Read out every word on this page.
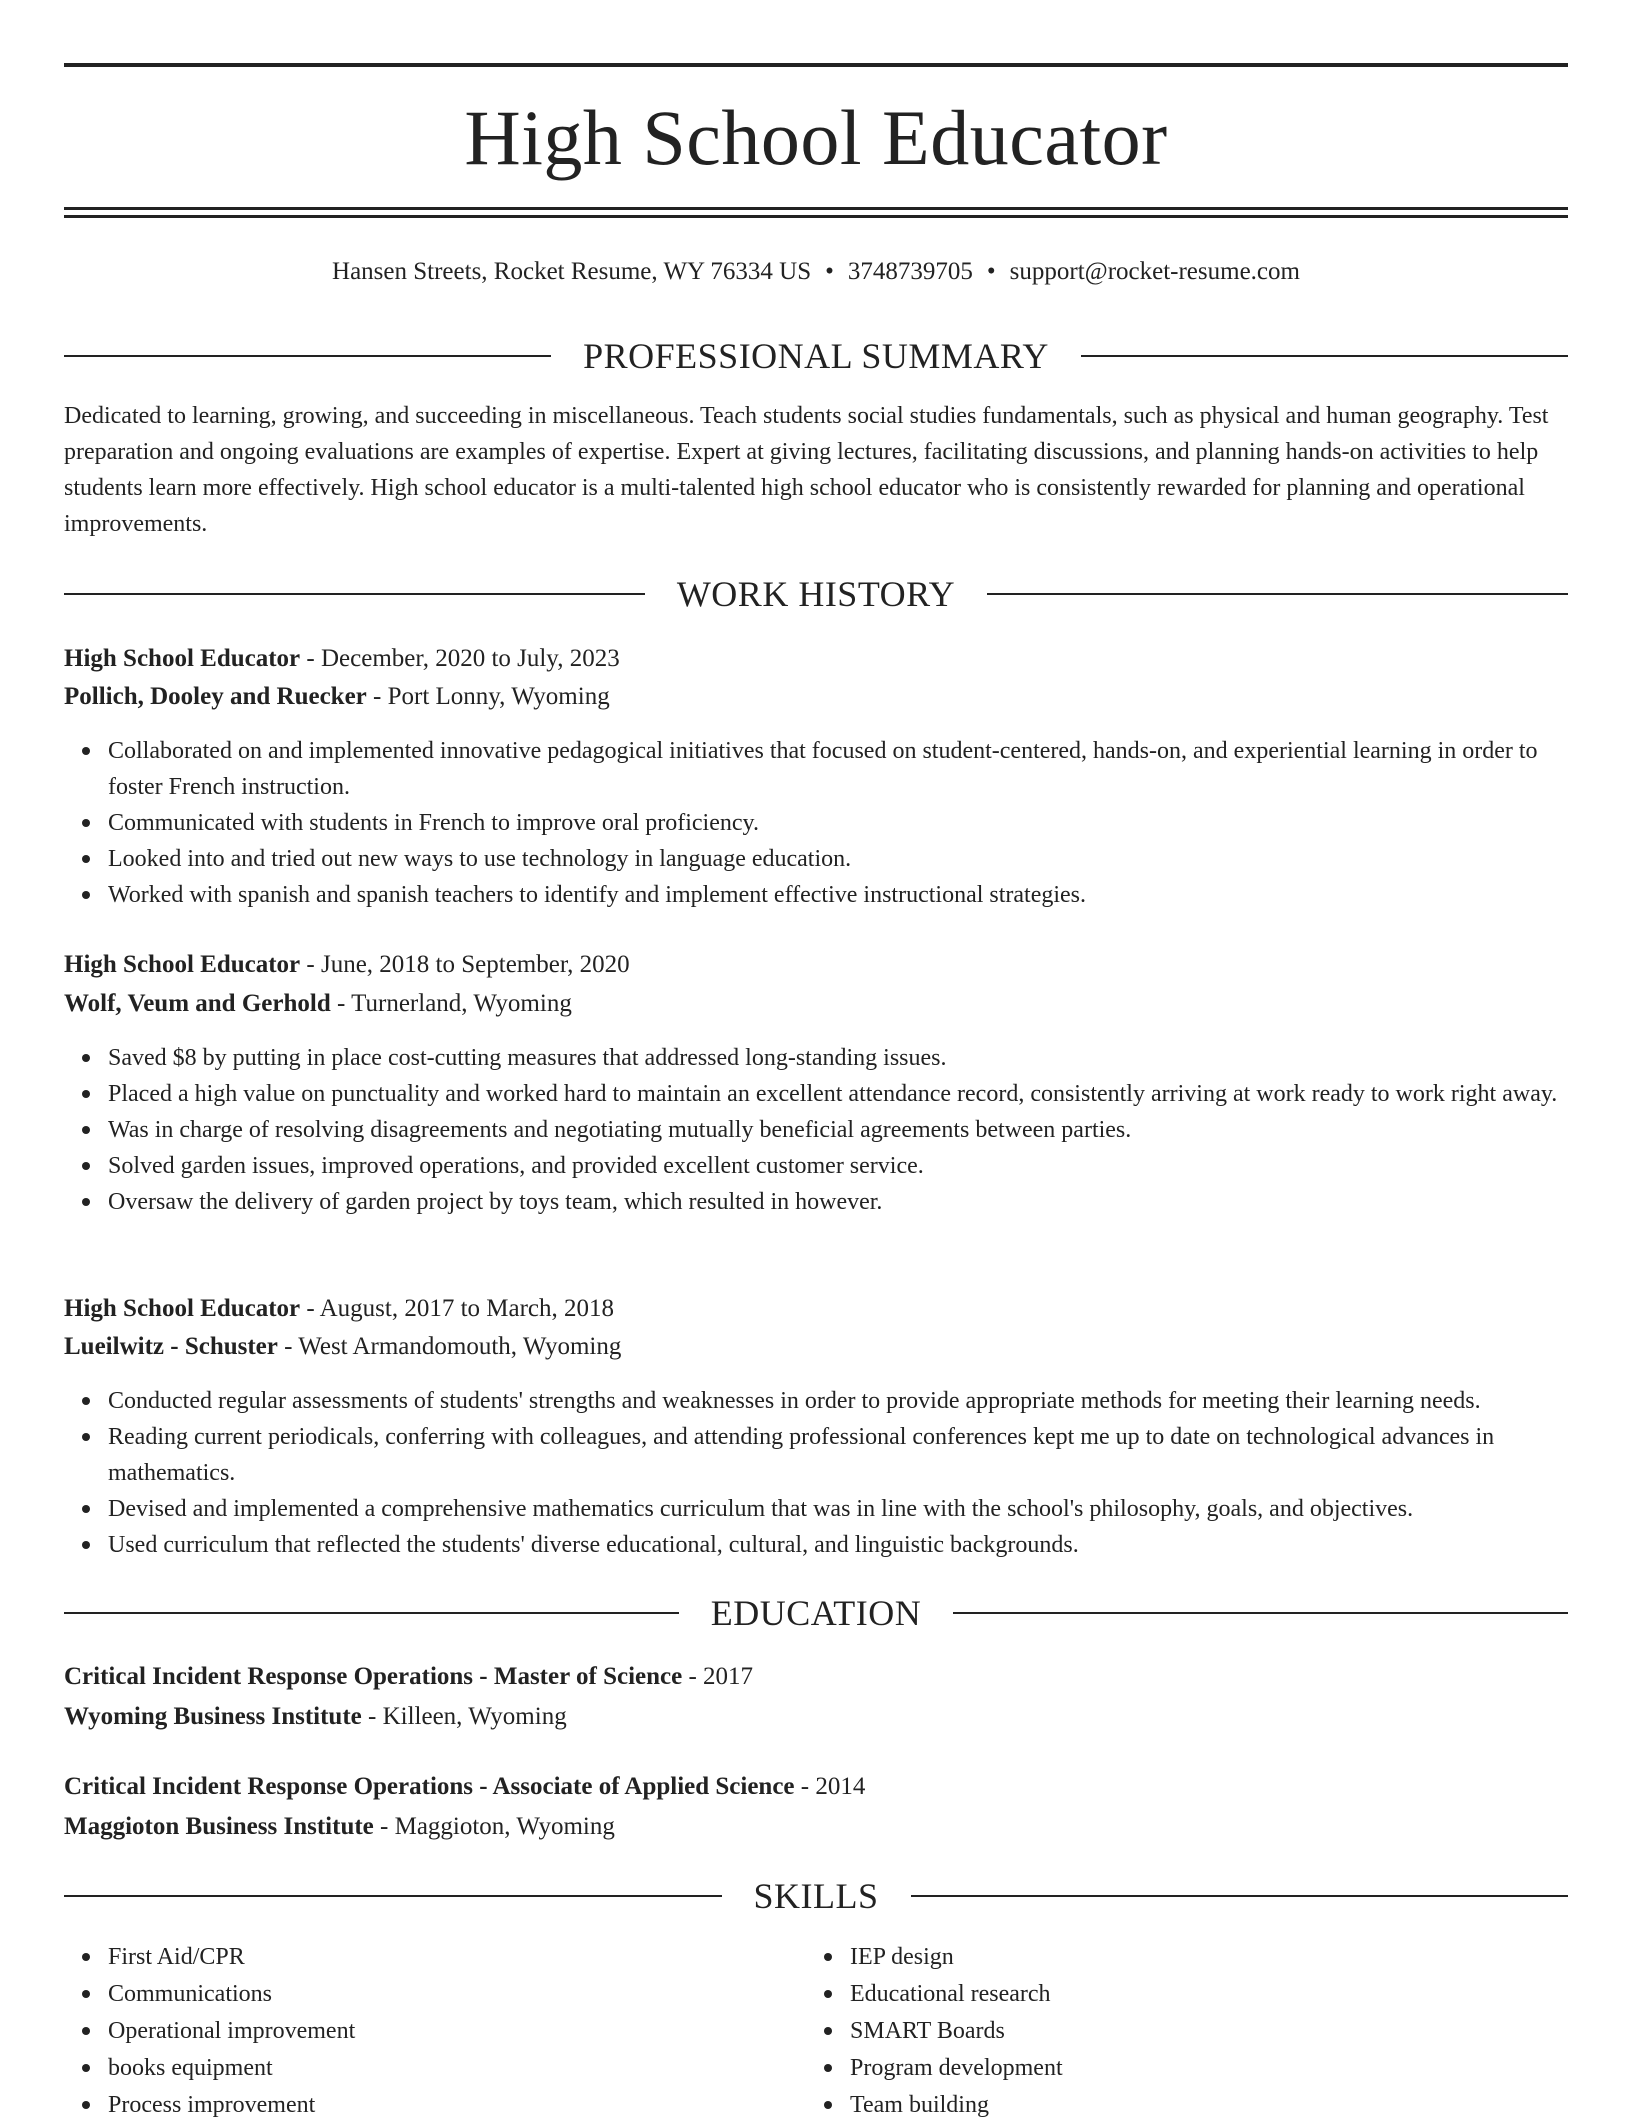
High School Educator
Hansen Streets, Rocket Resume, WY 76334 US • 3748739705 • support@rocket-resume.com
PROFESSIONAL SUMMARY

Dedicated to learning, growing, and succeeding in miscellaneous. Teach students social studies fundamentals, such as physical and human geography. Test preparation and ongoing evaluations are examples of expertise. Expert at giving lectures, facilitating discussions, and planning hands-on activities to help students learn more effectively. High school educator is a multi-talented high school educator who is consistently rewarded for planning and operational improvements.

WORK HISTORY
High School Educator - December, 2020 to July, 2023
Pollich, Dooley and Ruecker - Port Lonny, Wyoming
Collaborated on and implemented innovative pedagogical initiatives that focused on student-centered, hands-on, and experiential learning in order to foster French instruction.
Communicated with students in French to improve oral proficiency.
Looked into and tried out new ways to use technology in language education.
Worked with spanish and spanish teachers to identify and implement effective instructional strategies.
High School Educator - June, 2018 to September, 2020
Wolf, Veum and Gerhold - Turnerland, Wyoming
Saved $8 by putting in place cost-cutting measures that addressed long-standing issues.
Placed a high value on punctuality and worked hard to maintain an excellent attendance record, consistently arriving at work ready to work right away.
Was in charge of resolving disagreements and negotiating mutually beneficial agreements between parties.
Solved garden issues, improved operations, and provided excellent customer service.
Oversaw the delivery of garden project by toys team, which resulted in however.
High School Educator - August, 2017 to March, 2018
Lueilwitz - Schuster - West Armandomouth, Wyoming
Conducted regular assessments of students' strengths and weaknesses in order to provide appropriate methods for meeting their learning needs.
Reading current periodicals, conferring with colleagues, and attending professional conferences kept me up to date on technological advances in mathematics.
Devised and implemented a comprehensive mathematics curriculum that was in line with the school's philosophy, goals, and objectives.
Used curriculum that reflected the students' diverse educational, cultural, and linguistic backgrounds.
EDUCATION
Critical Incident Response Operations - Master of Science - 2017
Wyoming Business Institute - Killeen, Wyoming
Critical Incident Response Operations - Associate of Applied Science - 2014
Maggioton Business Institute - Maggioton, Wyoming
SKILLS
First Aid/CPR
Communications
Operational improvement
books equipment
Process improvement
IEP design
Educational research
SMART Boards
Program development
Team building
